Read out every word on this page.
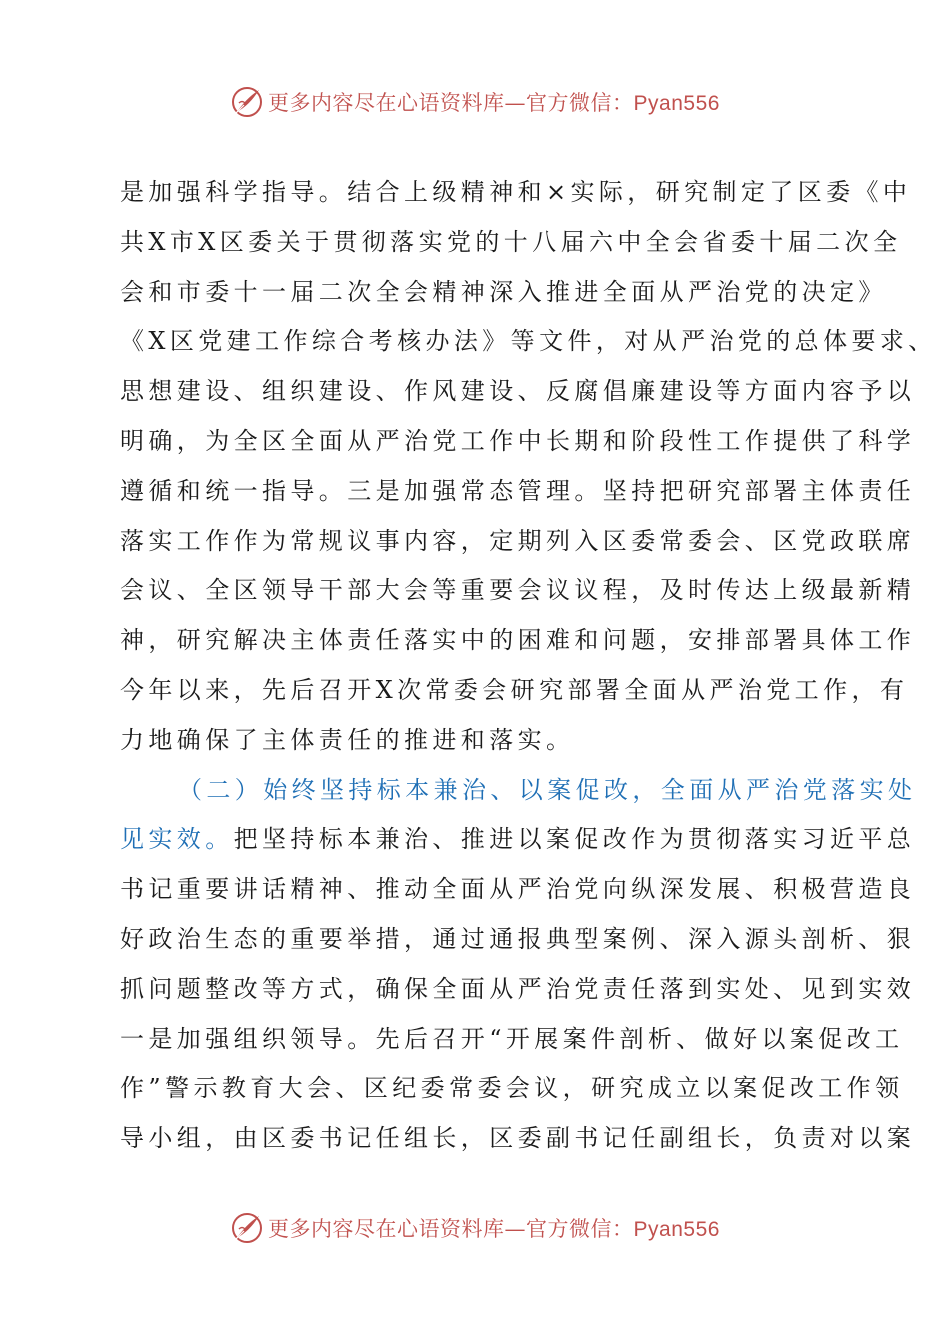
更多内容尽在心语资料库—官方微信：Pyan556
是加强科学指导。结合上级精神和×实际，研究制定了区委《中
共X市X区委关于贯彻落实党的十八届六中全会省委十届二次全
会和市委十一届二次全会精神深入推进全面从严治党的决定》
《X区党建工作综合考核办法》等文件，对从严治党的总体要求、
思想建设、组织建设、作风建设、反腐倡廉建设等方面内容予以
明确，为全区全面从严治党工作中长期和阶段性工作提供了科学
遵循和统一指导。三是加强常态管理。坚持把研究部署主体责任
落实工作作为常规议事内容，定期列入区委常委会、区党政联席
会议、全区领导干部大会等重要会议议程，及时传达上级最新精
神，研究解决主体责任落实中的困难和问题，安排部署具体工作
今年以来，先后召开X次常委会研究部署全面从严治党工作，有
力地确保了主体责任的推进和落实。
（二）始终坚持标本兼治、以案促改，全面从严治党落实处
见实效。把坚持标本兼治、推进以案促改作为贯彻落实习近平总
书记重要讲话精神、推动全面从严治党向纵深发展、积极营造良
好政治生态的重要举措，通过通报典型案例、深入源头剖析、狠
抓问题整改等方式，确保全面从严治党责任落到实处、见到实效
一是加强组织领导。先后召开“开展案件剖析、做好以案促改工
作”警示教育大会、区纪委常委会议，研究成立以案促改工作领
导小组，由区委书记任组长，区委副书记任副组长，负责对以案
更多内容尽在心语资料库—官方微信：Pyan556
